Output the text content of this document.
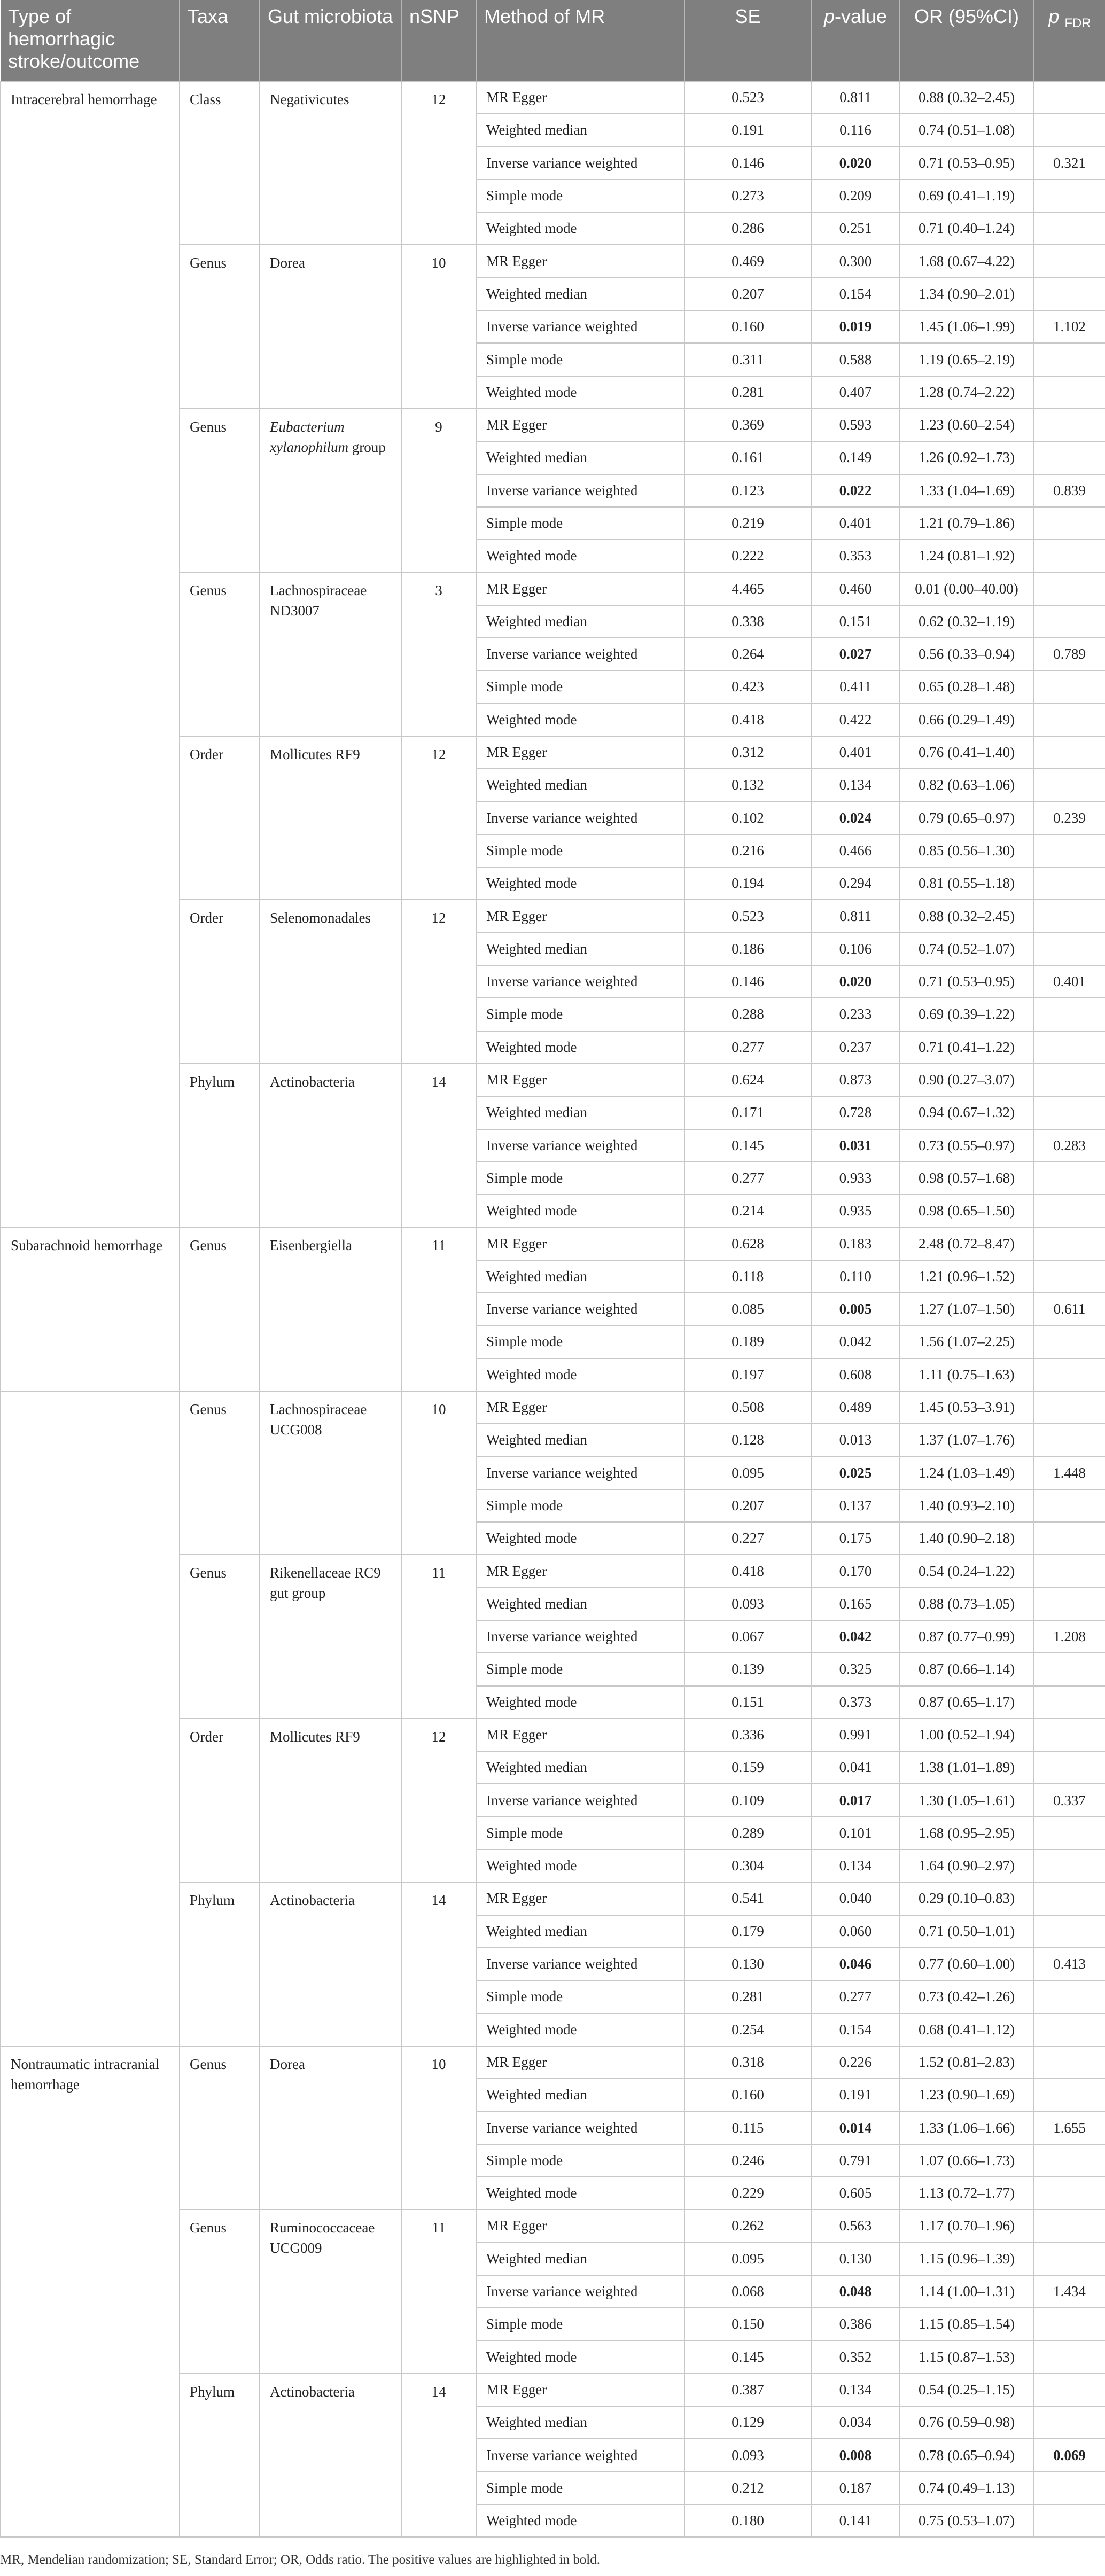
Type of hemorrhagic stroke/outcome	Taxa	Gut microbiota	nSNP	Method of MR	SE	p-value	OR (95%CI)	p $_{FDR}$
Intracerebral hemorrhage	Class	Negativicutes	12	MR Egger	0.523	0.811	0.88 (0.32–2.45)	
				Weighted median	0.191	0.116	0.74 (0.51–1.08)	
				Inverse variance weighted	0.146	0.020	0.71 (0.53–0.95)	0.321
				Simple mode	0.273	0.209	0.69 (0.41–1.19)	
				Weighted mode	0.286	0.251	0.71 (0.40–1.24)	
	Genus	Dorea	10	MR Egger	0.469	0.300	1.68 (0.67–4.22)	
				Weighted median	0.207	0.154	1.34 (0.90–2.01)	
				Inverse variance weighted	0.160	0.019	1.45 (1.06–1.99)	1.102
				Simple mode	0.311	0.588	1.19 (0.65–2.19)	
				Weighted mode	0.281	0.407	1.28 (0.74–2.22)	
	Genus	Eubacterium xylanophilum group	9	MR Egger	0.369	0.593	1.23 (0.60–2.54)	
				Weighted median	0.161	0.149	1.26 (0.92–1.73)	
				Inverse variance weighted	0.123	0.022	1.33 (1.04–1.69)	0.839
				Simple mode	0.219	0.401	1.21 (0.79–1.86)	
				Weighted mode	0.222	0.353	1.24 (0.81–1.92)	
	Genus	Lachnospiraceae ND3007	3	MR Egger	4.465	0.460	0.01 (0.00–40.00)	
				Weighted median	0.338	0.151	0.62 (0.32–1.19)	
				Inverse variance weighted	0.264	0.027	0.56 (0.33–0.94)	0.789
				Simple mode	0.423	0.411	0.65 (0.28–1.48)	
				Weighted mode	0.418	0.422	0.66 (0.29–1.49)	
	Order	Mollicutes RF9	12	MR Egger	0.312	0.401	0.76 (0.41–1.40)	
				Weighted median	0.132	0.134	0.82 (0.63–1.06)	
				Inverse variance weighted	0.102	0.024	0.79 (0.65–0.97)	0.239
				Simple mode	0.216	0.466	0.85 (0.56–1.30)	
				Weighted mode	0.194	0.294	0.81 (0.55–1.18)	
	Order	Selenomonadales	12	MR Egger	0.523	0.811	0.88 (0.32–2.45)	
				Weighted median	0.186	0.106	0.74 (0.52–1.07)	
				Inverse variance weighted	0.146	0.020	0.71 (0.53–0.95)	0.401
				Simple mode	0.288	0.233	0.69 (0.39–1.22)	
				Weighted mode	0.277	0.237	0.71 (0.41–1.22)	
	Phylum	Actinobacteria	14	MR Egger	0.624	0.873	0.90 (0.27–3.07)	
				Weighted median	0.171	0.728	0.94 (0.67–1.32)	
				Inverse variance weighted	0.145	0.031	0.73 (0.55–0.97)	0.283
				Simple mode	0.277	0.933	0.98 (0.57–1.68)	
				Weighted mode	0.214	0.935	0.98 (0.65–1.50)	
Subarachnoid hemorrhage	Genus	Eisenbergiella	11	MR Egger	0.628	0.183	2.48 (0.72–8.47)	
				Weighted median	0.118	0.110	1.21 (0.96–1.52)	
				Inverse variance weighted	0.085	0.005	1.27 (1.07–1.50)	0.611
				Simple mode	0.189	0.042	1.56 (1.07–2.25)	
				Weighted mode	0.197	0.608	1.11 (0.75–1.63)	
	Genus	Lachnospiraceae UCG008	10	MR Egger	0.508	0.489	1.45 (0.53–3.91)	
				Weighted median	0.128	0.013	1.37 (1.07–1.76)	
				Inverse variance weighted	0.095	0.025	1.24 (1.03–1.49)	1.448
				Simple mode	0.207	0.137	1.40 (0.93–2.10)	
				Weighted mode	0.227	0.175	1.40 (0.90–2.18)	
	Genus	Rikenellaceae RC9 gut group	11	MR Egger	0.418	0.170	0.54 (0.24–1.22)	
				Weighted median	0.093	0.165	0.88 (0.73–1.05)	
				Inverse variance weighted	0.067	0.042	0.87 (0.77–0.99)	1.208
				Simple mode	0.139	0.325	0.87 (0.66–1.14)	
				Weighted mode	0.151	0.373	0.87 (0.65–1.17)	
	Order	Mollicutes RF9	12	MR Egger	0.336	0.991	1.00 (0.52–1.94)	
				Weighted median	0.159	0.041	1.38 (1.01–1.89)	
				Inverse variance weighted	0.109	0.017	1.30 (1.05–1.61)	0.337
				Simple mode	0.289	0.101	1.68 (0.95–2.95)	
				Weighted mode	0.304	0.134	1.64 (0.90–2.97)	
	Phylum	Actinobacteria	14	MR Egger	0.541	0.040	0.29 (0.10–0.83)	
				Weighted median	0.179	0.060	0.71 (0.50–1.01)	
				Inverse variance weighted	0.130	0.046	0.77 (0.60–1.00)	0.413
				Simple mode	0.281	0.277	0.73 (0.42–1.26)	
				Weighted mode	0.254	0.154	0.68 (0.41–1.12)	
Nontraumatic intracranial hemorrhage	Genus	Dorea	10	MR Egger	0.318	0.226	1.52 (0.81–2.83)	
				Weighted median	0.160	0.191	1.23 (0.90–1.69)	
				Inverse variance weighted	0.115	0.014	1.33 (1.06–1.66)	1.655
				Simple mode	0.246	0.791	1.07 (0.66–1.73)	
				Weighted mode	0.229	0.605	1.13 (0.72–1.77)	
	Genus	Ruminococcaceae UCG009	11	MR Egger	0.262	0.563	1.17 (0.70–1.96)	
				Weighted median	0.095	0.130	1.15 (0.96–1.39)	
				Inverse variance weighted	0.068	0.048	1.14 (1.00–1.31)	1.434
				Simple mode	0.150	0.386	1.15 (0.85–1.54)	
				Weighted mode	0.145	0.352	1.15 (0.87–1.53)	
	Phylum	Actinobacteria	14	MR Egger	0.387	0.134	0.54 (0.25–1.15)	
				Weighted median	0.129	0.034	0.76 (0.59–0.98)	
				Inverse variance weighted	0.093	0.008	0.78 (0.65–0.94)	0.069
				Simple mode	0.212	0.187	0.74 (0.49–1.13)	
				Weighted mode	0.180	0.141	0.75 (0.53–1.07)	
MR, Mendelian randomization; SE, Standard Error; OR, Odds ratio. The positive values are highlighted in bold.
